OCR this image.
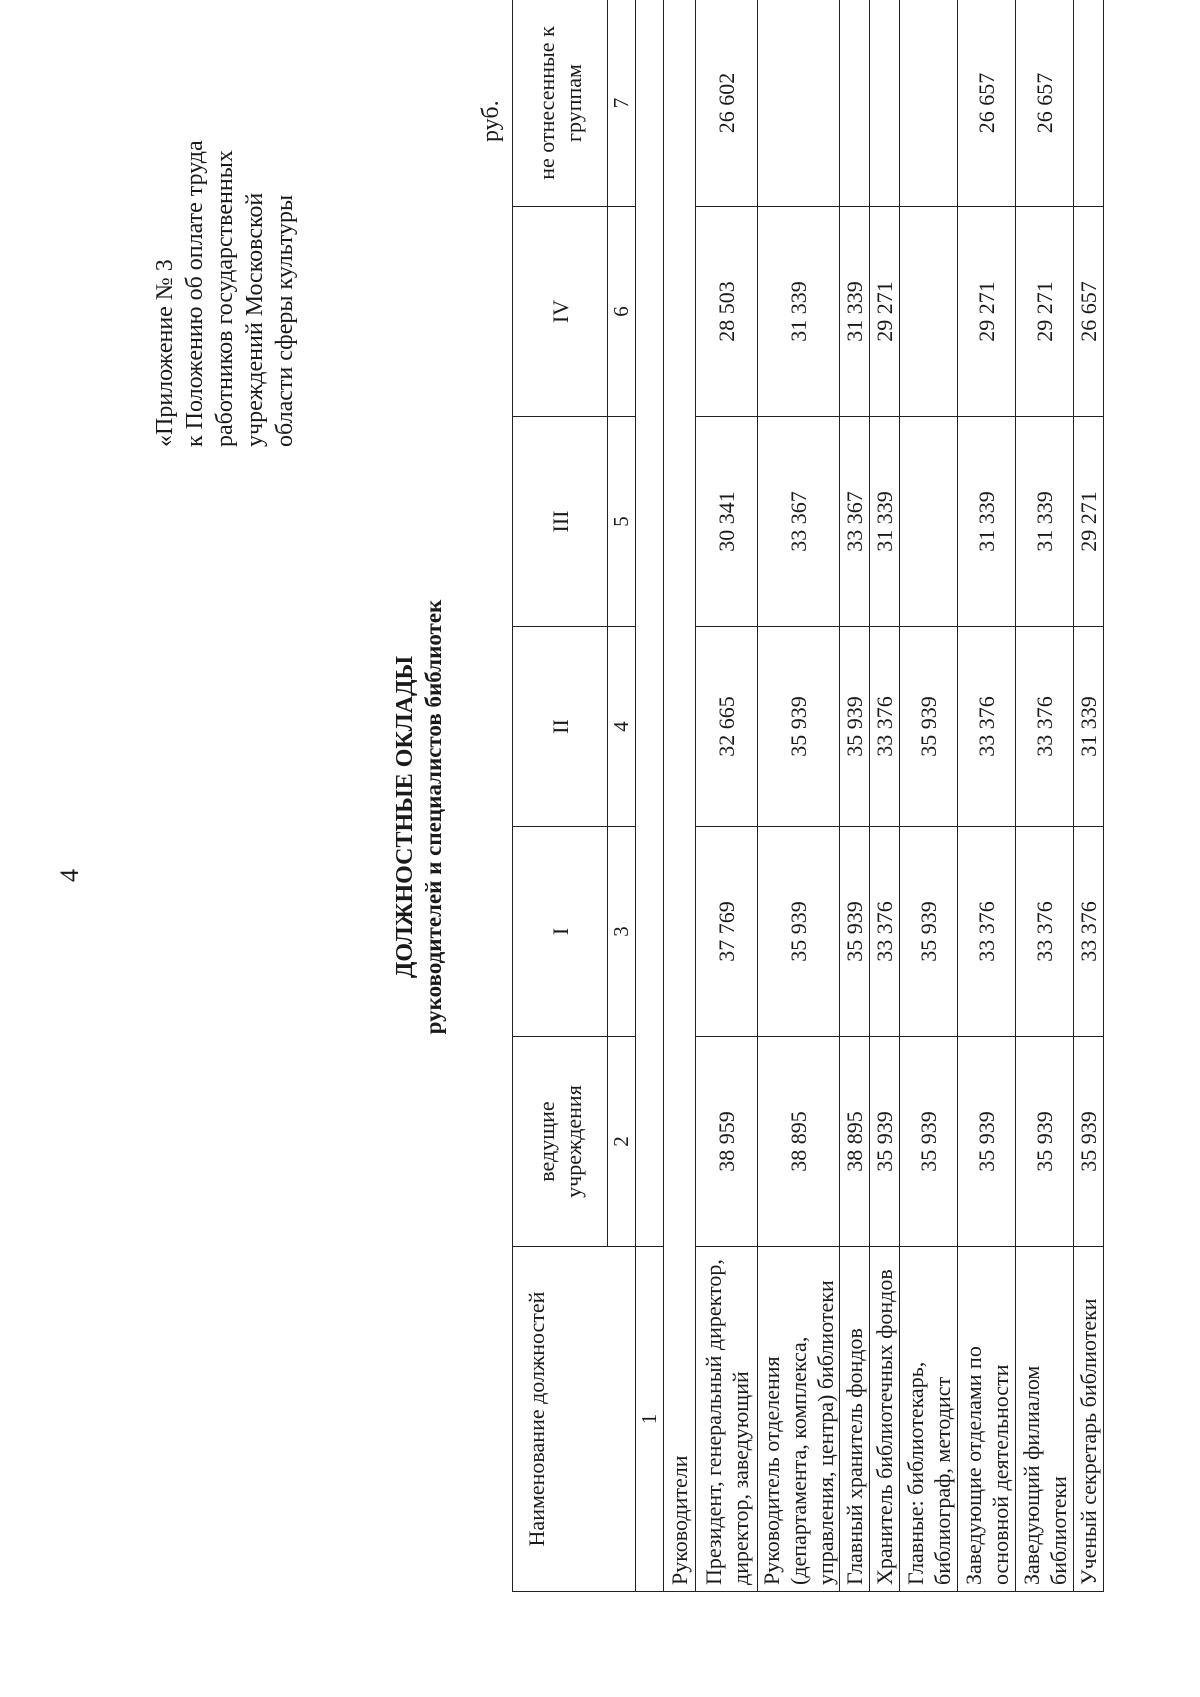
4
«Приложение № 3 к Положению об оплате труда работников государственных учреждений Московской области сферы культуры
ДОЛЖНОСТНЫЕ ОКЛАДЫ руководителей и специалистов библиотек
руб.
Наименование должностей	ведущие учреждения	I	II	III	IV	не отнесенные к группам
	2	3	4	5	6	7
1						
Руководители						
Президент, генеральный директор, директор, заведующий	38 959	37 769	32 665	30 341	28 503	26 602
Руководитель отделения (департамента, комплекса, управления, центра) библиотеки	38 895	35 939	35 939	33 367	31 339	
Главный хранитель фондов	38 895	35 939	35 939	33 367	31 339	
Хранитель библиотечных фондов	35 939	33 376	33 376	31 339	29 271	
Главные: библиотекарь, библиограф, методист	35 939	35 939	35 939			
Заведующие отделами по основной деятельности	35 939	33 376	33 376	31 339	29 271	26 657
Заведующий филиалом библиотеки	35 939	33 376	33 376	31 339	29 271	26 657
Ученый секретарь библиотеки	35 939	33 376	31 339	29 271	26 657	
